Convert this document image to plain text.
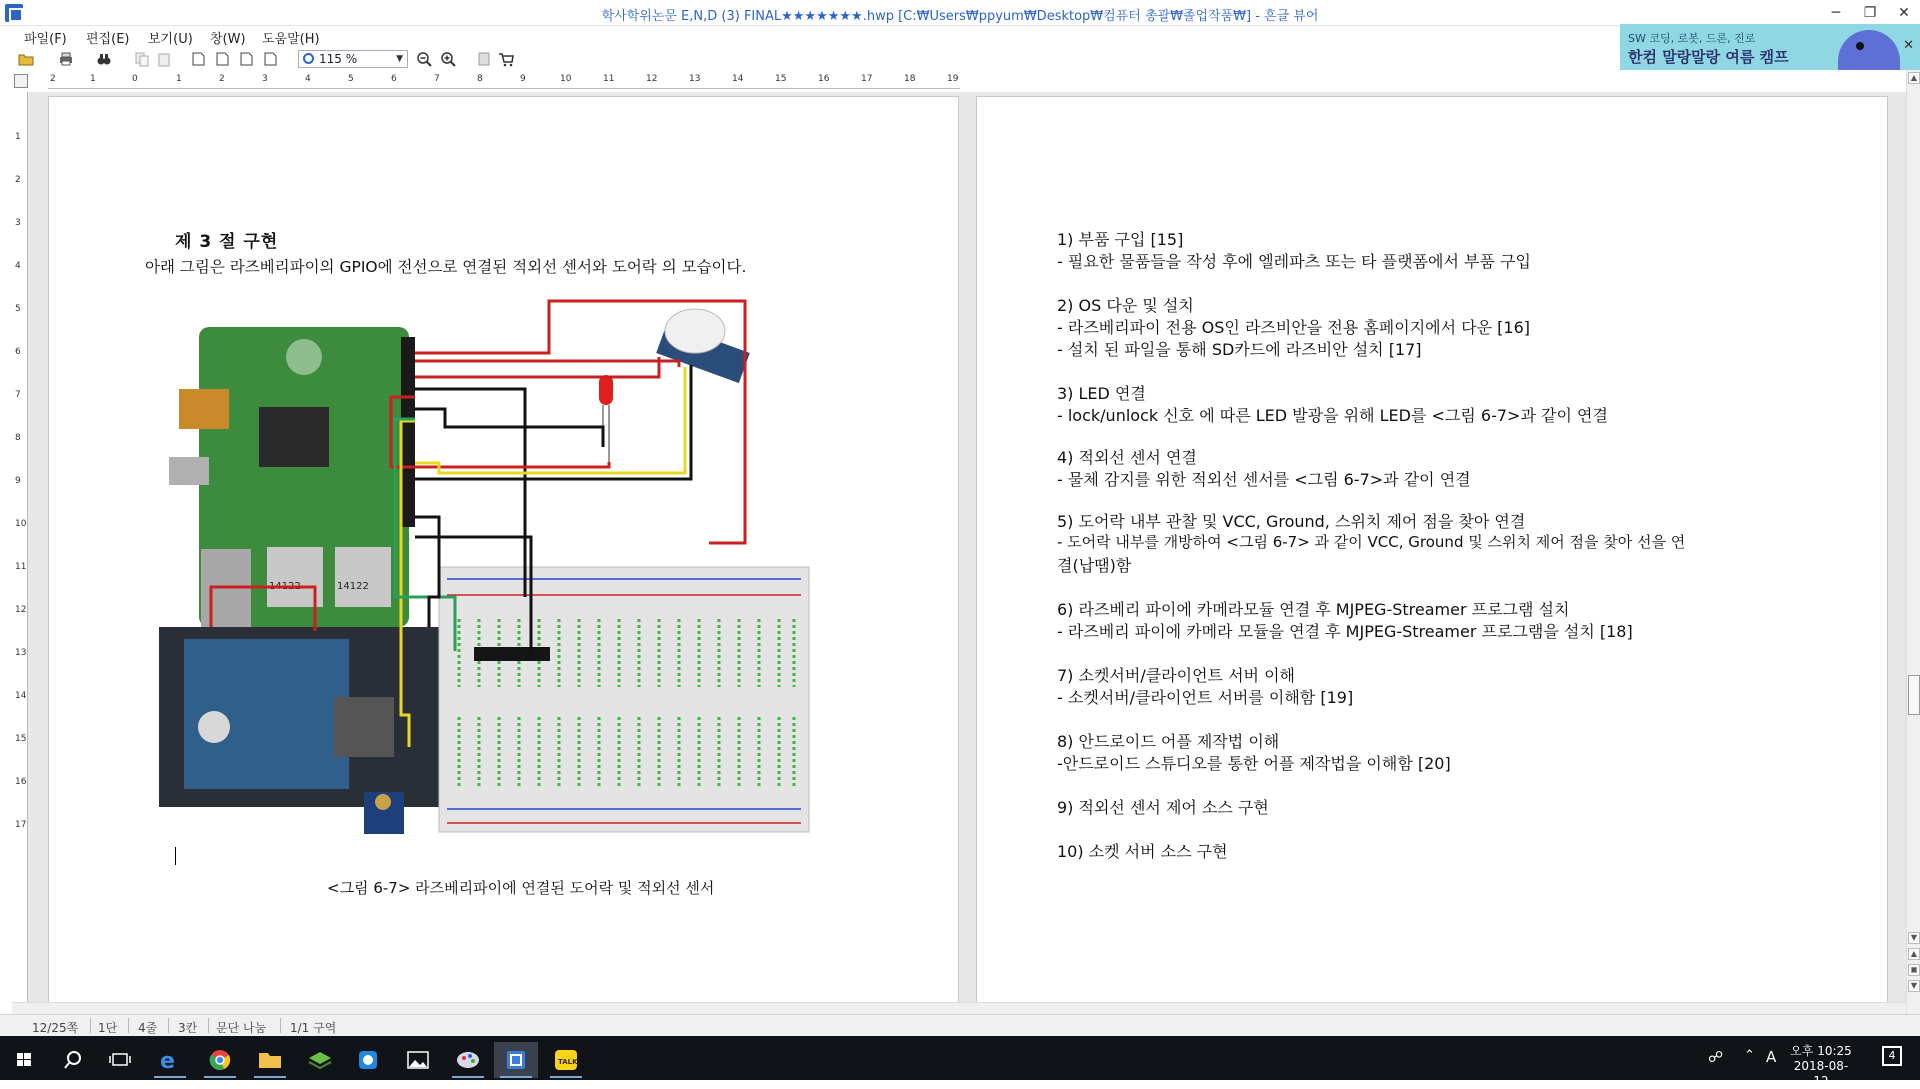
학사학위논문 E,N,D (3) FINAL★★★★★★★.hwp [C:₩Users₩ppyum₩Desktop₩컴퓨터 총괄₩졸업작품₩] - 흔글 뷰어	─	❐	✕
파일(F) 편집(E) 보기(U) 창(W) 도움말(H)	SW 코딩, 로봇, 드론, 진로
한컴 말랑말랑 여름 캠프
✕
115 %	▼
2	1	0	1	2	3	4	5	6	7	8	9	10	11	12	13	14	15	16	17	18	19
1
2
3
4
5
6
7
8
9
10
11
12
13
14
15
16
17
제 3 절 구현
아래 그림은 라즈베리파이의 GPIO에 전선으로 연결된 적외선 센서와 도어락 의 모습이다.
14122	14122
<그림 6-7> 라즈베리파이에 연결된 도어락 및 적외선 센서
1) 부품 구입 [15]
- 필요한 물품들을 작성 후에 엘레파츠 또는 타 플랫폼에서 부품 구입
2) OS 다운 및 설치
- 라즈베리파이 전용 OS인 라즈비안을 전용 홈페이지에서 다운 [16]
- 설치 된 파일을 통해 SD카드에 라즈비안 설치 [17]
3) LED 연결
- lock/unlock 신호 에 따른 LED 발광을 위해 LED를 <그림 6-7>과 같이 연결
4) 적외선 센서 연결
- 물체 감지를 위한 적외선 센서를 <그림 6-7>과 같이 연결
5) 도어락 내부 관찰 및 VCC, Ground, 스위치 제어 점을 찾아 연결
- 도어락 내부를 개방하여 <그림 6-7> 과 같이 VCC, Ground 및 스위치 제어 점을 찾아 선을 연
결(납땜)함
6) 라즈베리 파이에 카메라모듈 연결 후 MJPEG-Streamer 프로그램 설치
- 라즈베리 파이에 카메라 모듈을 연결 후 MJPEG-Streamer 프로그램을 설치 [18]
7) 소켓서버/클라이언트 서버 이해
- 소켓서버/클라이언트 서버를 이해함 [19]
8) 안드로이드 어플 제작법 이해
-안드로이드 스튜디오를 통한 어플 제작법을 이해함 [20]
9) 적외선 센서 제어 소스 구현
10) 소켓 서버 소스 구현
▲
▼
▲
◼
▼
12/25쪽 1단 4줄 3칸 문단 나눔 1/1 구역
e	TALK	☍ ⌃ A 오후 10:25
2018-08-12
4
